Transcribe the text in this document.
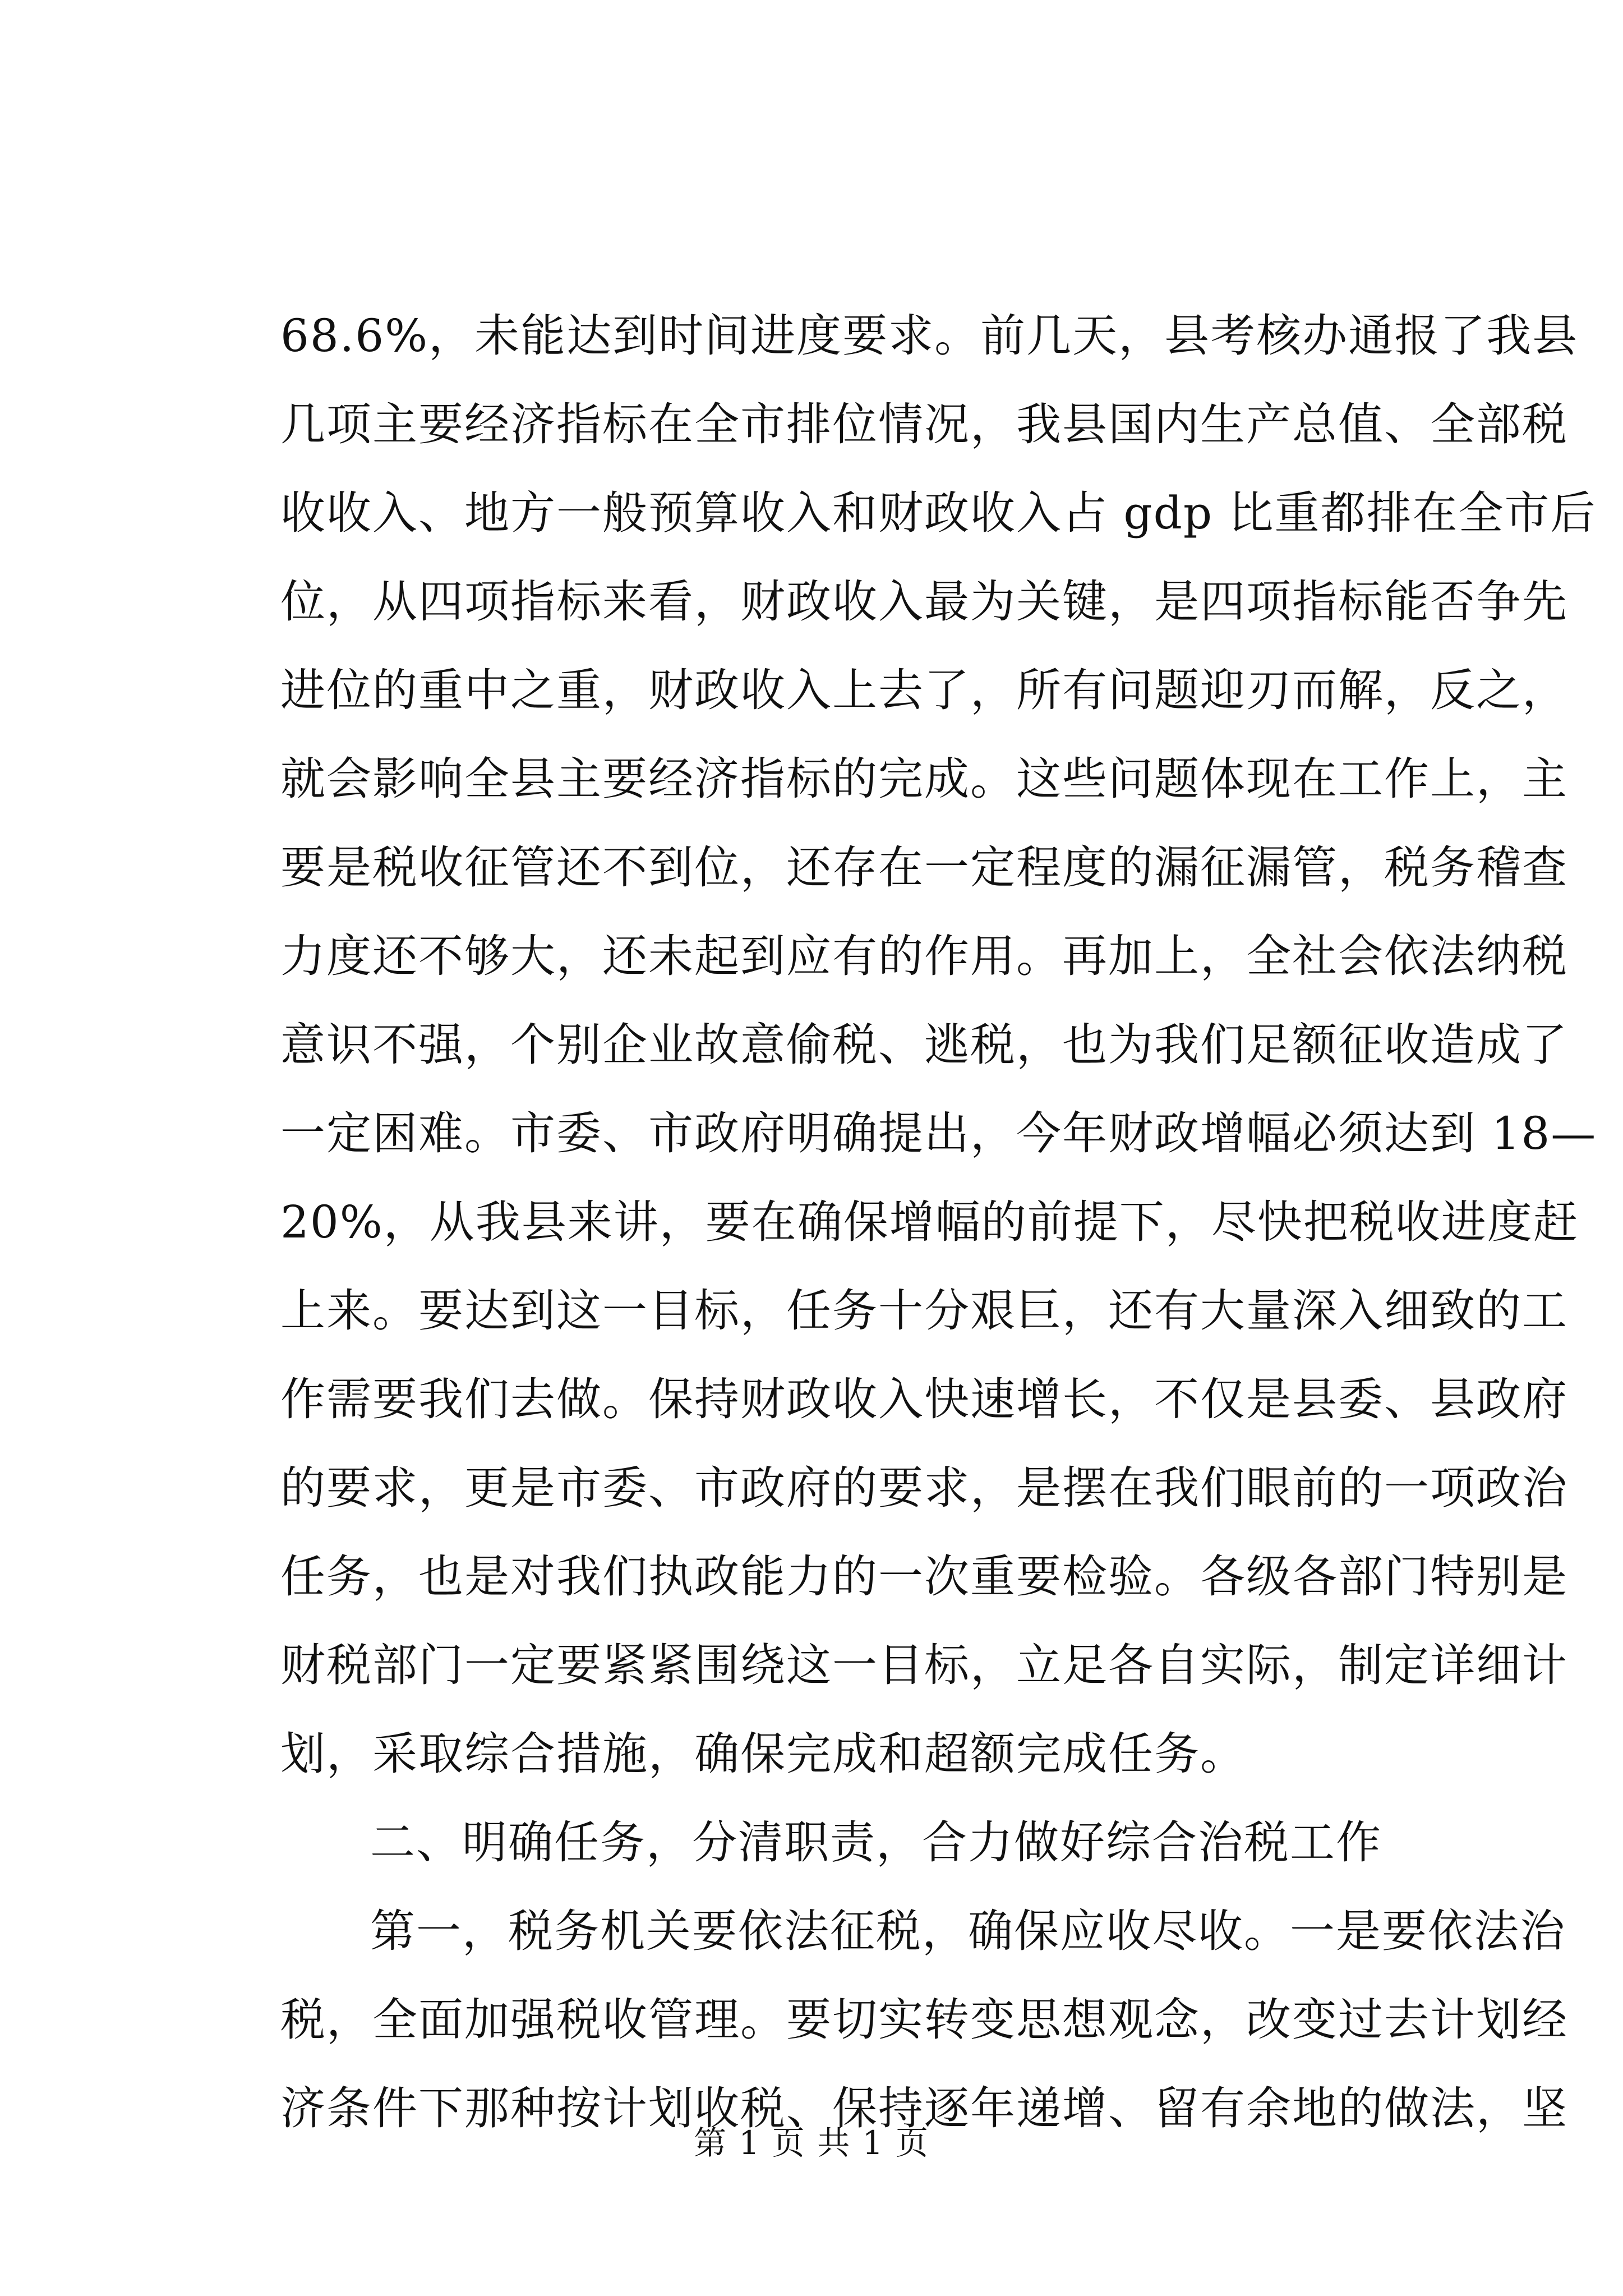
68.6%，未能达到时间进度要求。前几天，县考核办通报了我县
几项主要经济指标在全市排位情况，我县国内生产总值、全部税
收收入、地方一般预算收入和财政收入占 gdp 比重都排在全市后
位，从四项指标来看，财政收入最为关键，是四项指标能否争先
进位的重中之重，财政收入上去了，所有问题迎刃而解，反之，
就会影响全县主要经济指标的完成。这些问题体现在工作上，主
要是税收征管还不到位，还存在一定程度的漏征漏管，税务稽查
力度还不够大，还未起到应有的作用。再加上，全社会依法纳税
意识不强，个别企业故意偷税、逃税，也为我们足额征收造成了
一定困难。市委、市政府明确提出，今年财政增幅必须达到 18—
20%，从我县来讲，要在确保增幅的前提下，尽快把税收进度赶
上来。要达到这一目标，任务十分艰巨，还有大量深入细致的工
作需要我们去做。保持财政收入快速增长，不仅是县委、县政府
的要求，更是市委、市政府的要求，是摆在我们眼前的一项政治
任务，也是对我们执政能力的一次重要检验。各级各部门特别是
财税部门一定要紧紧围绕这一目标，立足各自实际，制定详细计
划，采取综合措施，确保完成和超额完成任务。
二、明确任务，分清职责，合力做好综合治税工作
第一，税务机关要依法征税，确保应收尽收。一是要依法治
税，全面加强税收管理。要切实转变思想观念，改变过去计划经
济条件下那种按计划收税、保持逐年递增、留有余地的做法，坚
第 1 页 共 1 页
